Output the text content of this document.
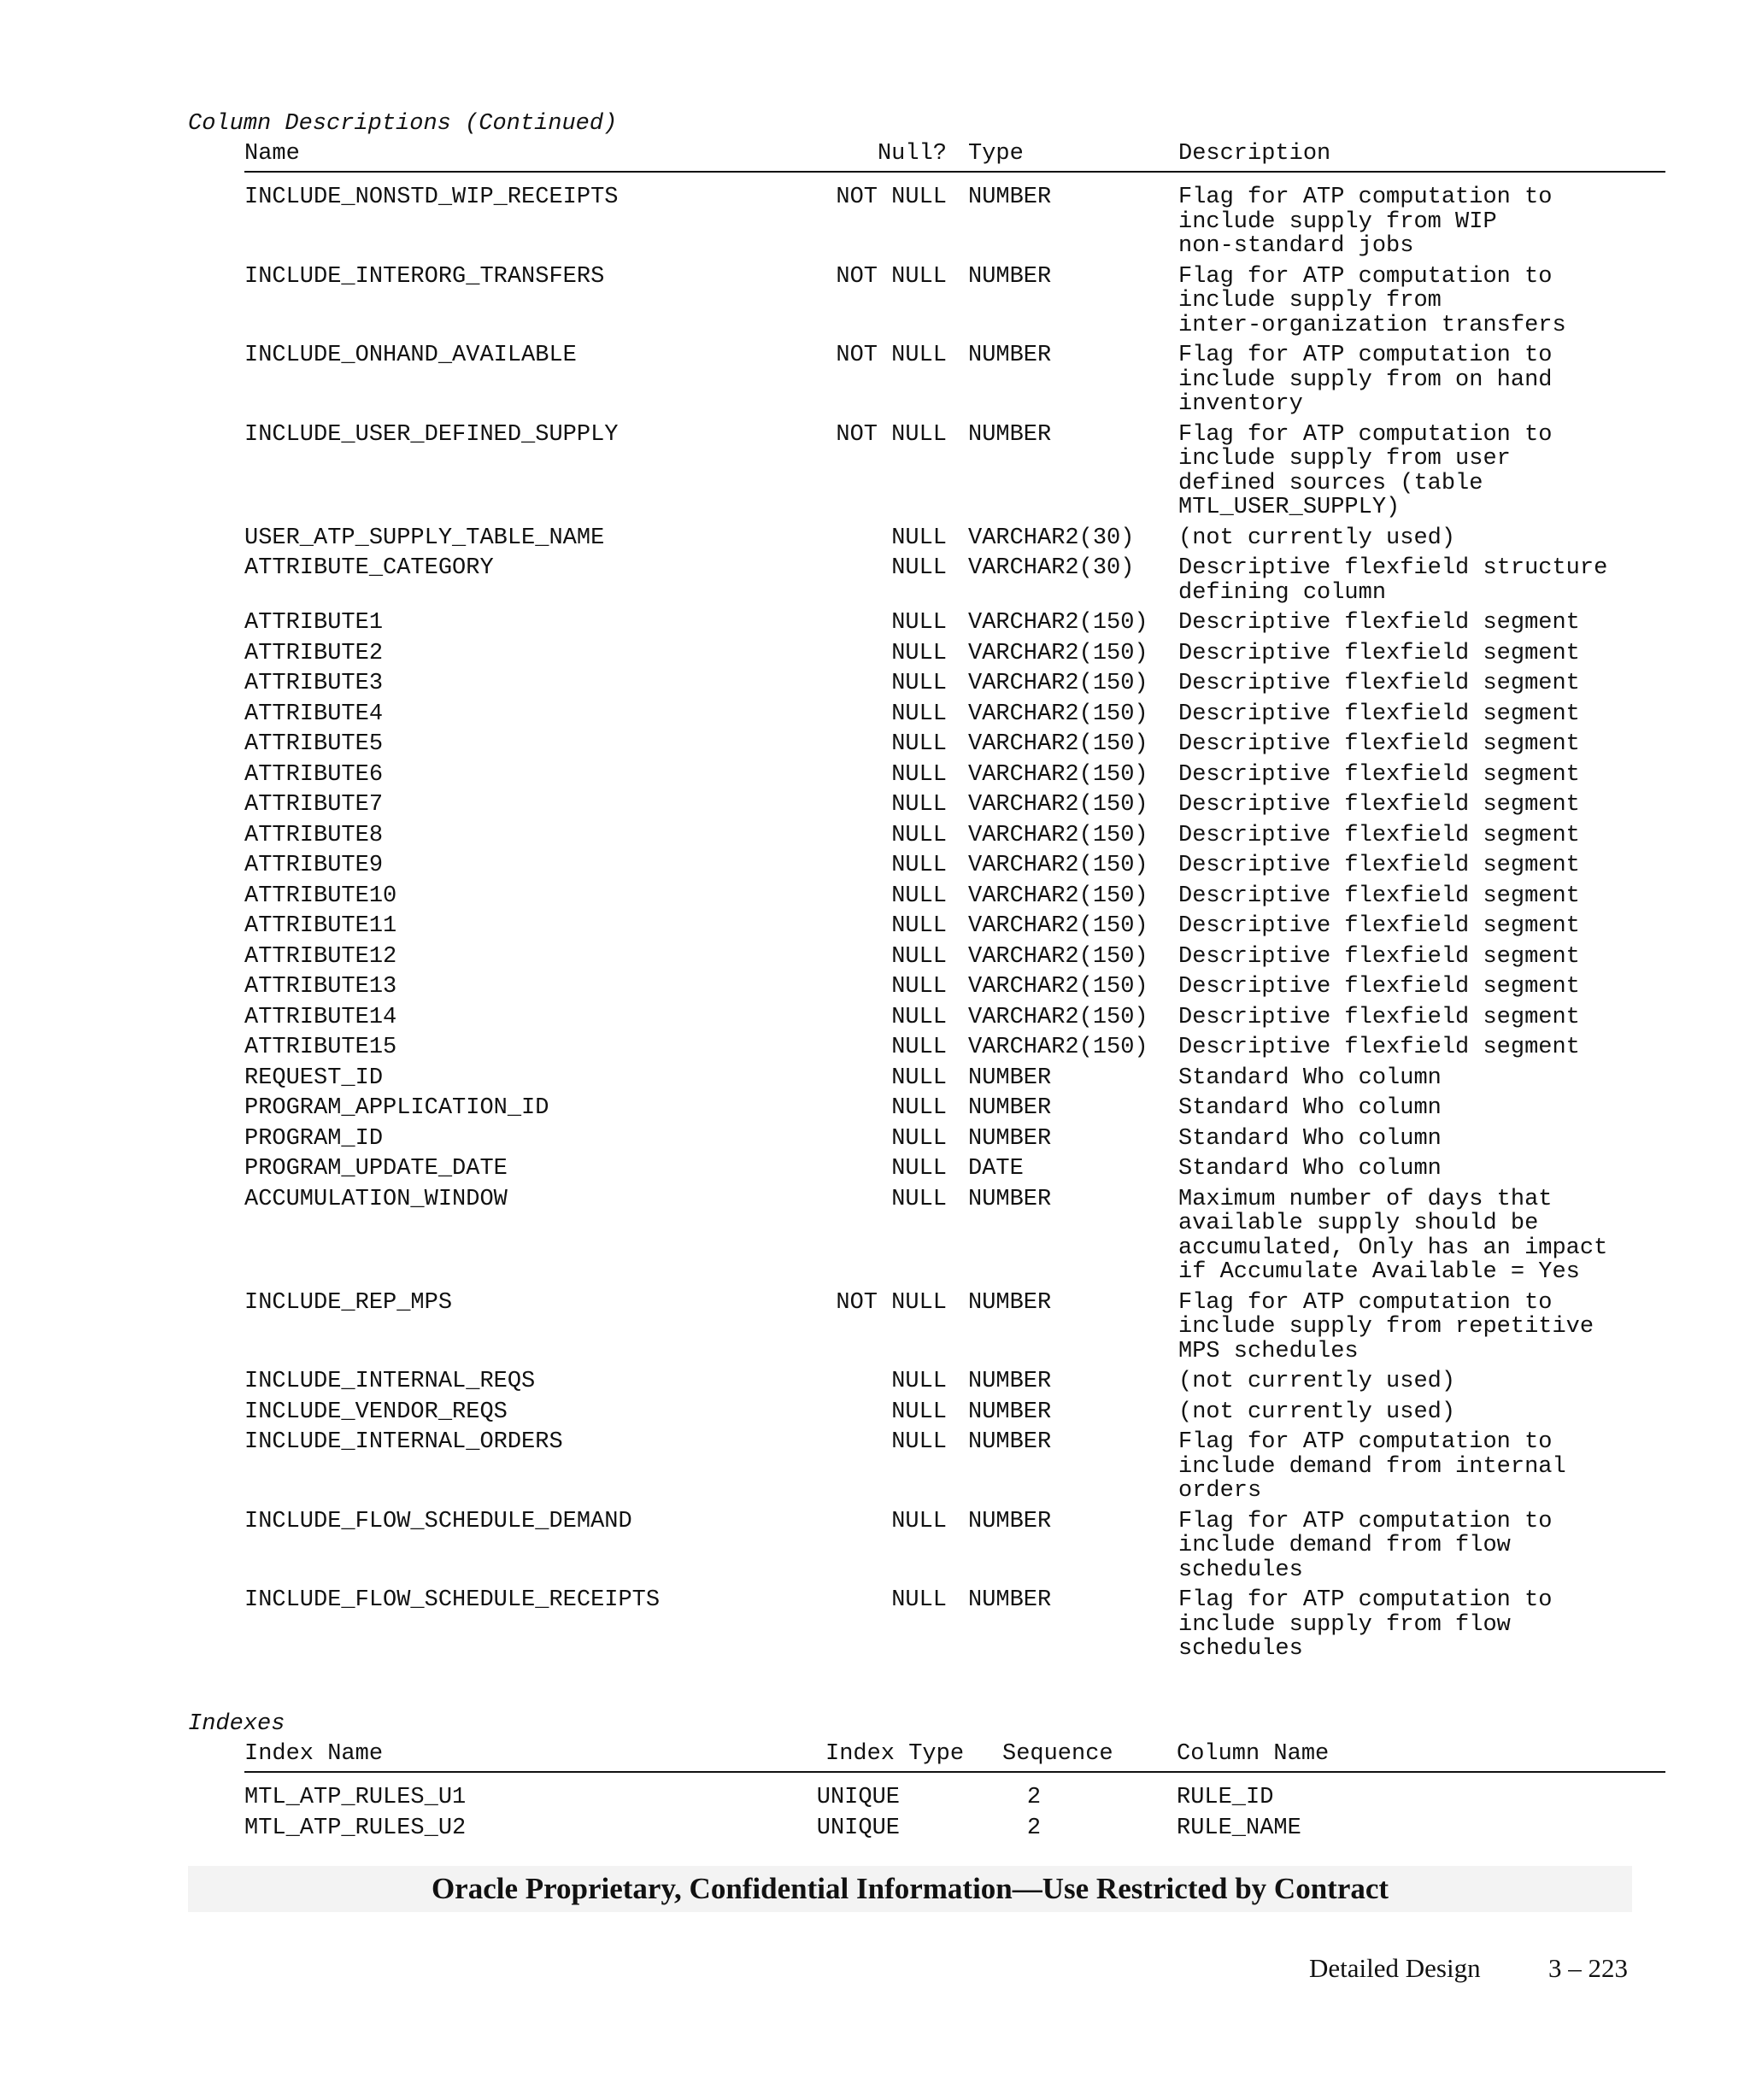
Column Descriptions (Continued)
Name	Null? Type	Description
INCLUDE_NONSTD_WIP_RECEIPTS	NOT NULL NUMBER	Flag for ATP computation to
include supply from WIP
non-standard jobs
INCLUDE_INTERORG_TRANSFERS	NOT NULL NUMBER	Flag for ATP computation to
include supply from
inter-organization transfers
INCLUDE_ONHAND_AVAILABLE	NOT NULL NUMBER	Flag for ATP computation to
include supply from on hand
inventory
INCLUDE_USER_DEFINED_SUPPLY	NOT NULL NUMBER	Flag for ATP computation to
include supply from user
defined sources (table
MTL_USER_SUPPLY)
USER_ATP_SUPPLY_TABLE_NAME	NULL VARCHAR2(30) (not currently used)
ATTRIBUTE_CATEGORY	NULL VARCHAR2(30) Descriptive flexfield structure
defining column
ATTRIBUTE1	NULL VARCHAR2(150) Descriptive flexfield segment
ATTRIBUTE2	NULL VARCHAR2(150) Descriptive flexfield segment
ATTRIBUTE3	NULL VARCHAR2(150) Descriptive flexfield segment
ATTRIBUTE4	NULL VARCHAR2(150) Descriptive flexfield segment
ATTRIBUTE5	NULL VARCHAR2(150) Descriptive flexfield segment
ATTRIBUTE6	NULL VARCHAR2(150) Descriptive flexfield segment
ATTRIBUTE7	NULL VARCHAR2(150) Descriptive flexfield segment
ATTRIBUTE8	NULL VARCHAR2(150) Descriptive flexfield segment
ATTRIBUTE9	NULL VARCHAR2(150) Descriptive flexfield segment
ATTRIBUTE10	NULL VARCHAR2(150) Descriptive flexfield segment
ATTRIBUTE11	NULL VARCHAR2(150) Descriptive flexfield segment
ATTRIBUTE12	NULL VARCHAR2(150) Descriptive flexfield segment
ATTRIBUTE13	NULL VARCHAR2(150) Descriptive flexfield segment
ATTRIBUTE14	NULL VARCHAR2(150) Descriptive flexfield segment
ATTRIBUTE15	NULL VARCHAR2(150) Descriptive flexfield segment
REQUEST_ID	NULL NUMBER	Standard Who column
PROGRAM_APPLICATION_ID	NULL NUMBER	Standard Who column
PROGRAM_ID	NULL NUMBER	Standard Who column
PROGRAM_UPDATE_DATE	NULL DATE	Standard Who column
ACCUMULATION_WINDOW	NULL NUMBER	Maximum number of days that
available supply should be
accumulated, Only has an impact
if Accumulate Available = Yes
INCLUDE_REP_MPS	NOT NULL NUMBER	Flag for ATP computation to
include supply from repetitive
MPS schedules
INCLUDE_INTERNAL_REQS	NULL NUMBER	(not currently used)
INCLUDE_VENDOR_REQS	NULL NUMBER	(not currently used)
INCLUDE_INTERNAL_ORDERS	NULL NUMBER	Flag for ATP computation to
include demand from internal
orders
INCLUDE_FLOW_SCHEDULE_DEMAND	NULL NUMBER	Flag for ATP computation to
include demand from flow
schedules
INCLUDE_FLOW_SCHEDULE_RECEIPTS	NULL NUMBER	Flag for ATP computation to
include supply from flow
schedules
Indexes
Index Name	Index Type Sequence	Column Name
MTL_ATP_RULES_U1	UNIQUE	2	RULE_ID
MTL_ATP_RULES_U2	UNIQUE	2	RULE_NAME
Oracle Proprietary, Confidential Information––Use Restricted by Contract
Detailed Design	3 – 223
